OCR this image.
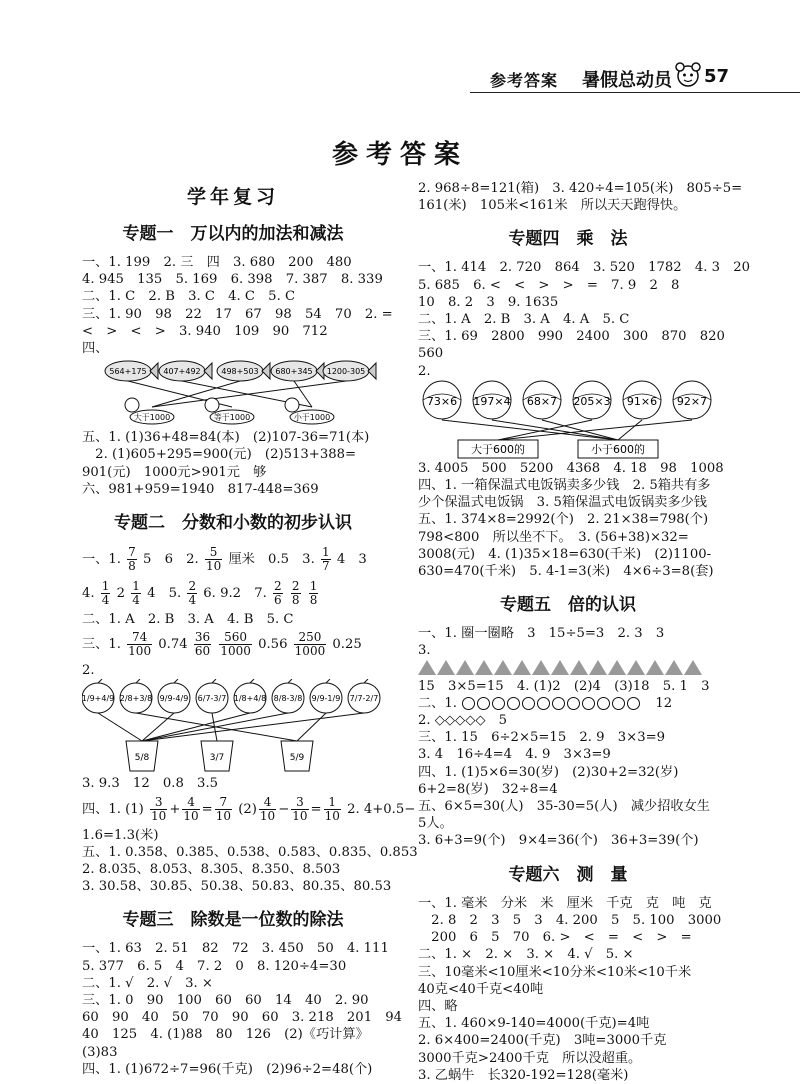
参考答案 暑假总动员 57
参考答案
学年复习
专题一　万以内的加法和减法
一、1. 199　2. 三　四　3. 680　200　480
4. 945　135　5. 169　6. 398　7. 387　8. 339
二、1. C　2. B　3. C　4. C　5. C
三、1. 90　98　22　17　67　98　54　70　2. =
<　>　<　>　3. 940　109　90　712
四、
564+175 407+492	498+503 680+345 1200-305
大于1000	等于1000	小于1000
五、1. (1)36+48=84(本)　(2)107-36=71(本)
　2. (1)605+295=900(元)　(2)513+388=
901(元)　1000元>901元　够
六、981+959=1940　817-448=369
专题二　分数和小数的初步认识
一、1. $\frac{7}{8} 5$　6　2. $\frac{5}{10}$ 厘米　0.5　3. $\frac{1}{7} 4$　3
4. $\frac{1}{4} 2 \frac{1}{4} 4$　5. $\frac{2}{4} 6$. 9.2　7. $\frac{2}{6}$
$\frac{2}{8}$
$\frac{1}{8}$
二、1. A　2. B　3. A　4. B　5. C
三、1. $\frac{74}{100} 0.74 \frac{36}{60}$
$\frac{560}{1000} 0.56 \frac{250}{1000} 0.25$
2.
1/9+4/9 2/8+3/8 9/9-4/9 6/7-3/7 1/8+4/8 8/8-3/8 9/9-1/9 7/7-2/7
5/8	3/7	5/9
3. 9.3　12　0.8　3.5
四、1. $(1) \frac{3}{10} + \frac{4}{10} = \frac{7}{10} (2) \frac{4}{10} - \frac{3}{10} = \frac{1}{10} 2$. 4+0.5−
1.6=1.3(米)
五、1. 0.358、0.385、0.538、0.583、0.835、0.853
2. 8.035、8.053、8.305、8.350、8.503
3. 30.58、30.85、50.38、50.83、80.35、80.53
专题三　除数是一位数的除法
一、1. 63　2. 51　82　72　3. 450　50　4. 111
5. 377　6. 5　4　7. 2　0　8. 120÷4=30
二、1. √　2. √　3. ×
三、1. 0　90　100　60　60　14　40　2. 90
60　90　40　50　70　90　60　3. 218　201　94
40　125　4. (1)88　80　126　(2)《巧计算》
(3)83
四、1. (1)672÷7=96(千克)　(2)96÷2=48(个)
2. 968÷8=121(箱)　3. 420÷4=105(米)　805÷5=
161(米)　105米<161米　所以天天跑得快。
专题四　乘　法
一、1. 414　2. 720　864　3. 520　1782　4. 3　20
5. 685　6. <　<　>　>　=　7. 9　2　8
10　8. 2　3　9. 1635
二、1. A　2. B　3. A　4. A　5. C
三、1. 69　2800　990　2400　300　870　820
560
2.
73×6 197×4 68×7 205×3 91×6 92×7
大于600的	小于600的
3. 4005　500　5200　4368　4. 18　98　1008
四、1. 一箱保温式电饭锅卖多少钱　2. 5箱共有多
少个保温式电饭锅　3. 5箱保温式电饭锅卖多少钱
五、1. 374×8=2992(个)　2. 21×38=798(个)
798<800　所以坐不下。　3. (56+38)×32=
3008(元)　4. (1)35×18=630(千米)　(2)1100-
630=470(千米)　5. 4-1=3(米)　4×6÷3=8(套)
专题五　倍的认识
一、1. 圈一圈略　3　15÷5=3　2. 3　3
3.
15　3×5=15　4. (1)2　(2)4　(3)18　5. 1　3
二、1.	12
2. ◇◇◇◇◇　 5
三、1. 15　6÷2×5=15　2. 9　3×3=9
3. 4　16÷4=4　4. 9　3×3=9
四、1. (1)5×6=30(岁)　(2)30+2=32(岁)
6+2=8(岁)　32÷8=4
五、6×5=30(人)　35-30=5(人)　减少招收女生
5人。
3. 6+3=9(个)　9×4=36(个)　36+3=39(个)
专题六　测　量
一、1. 毫米　分米　米　厘米　千克　克　吨　克
　2. 8　2　3　5　3　4. 200　5　5. 100　3000
　200　6　5　70　6. >　<　=　<　>　=
二、1. ×　2. ×　3. ×　4. √　5. ×
三、10毫米<10厘米<10分米<10米<10千米
40克<40千克<40吨
四、略
五、1. 460×9-140=4000(千克)=4吨
2. 6×400=2400(千克)　3吨=3000千克
3000千克>2400千克　所以没超重。
3. 乙蜗牛　长320-192=128(毫米)
